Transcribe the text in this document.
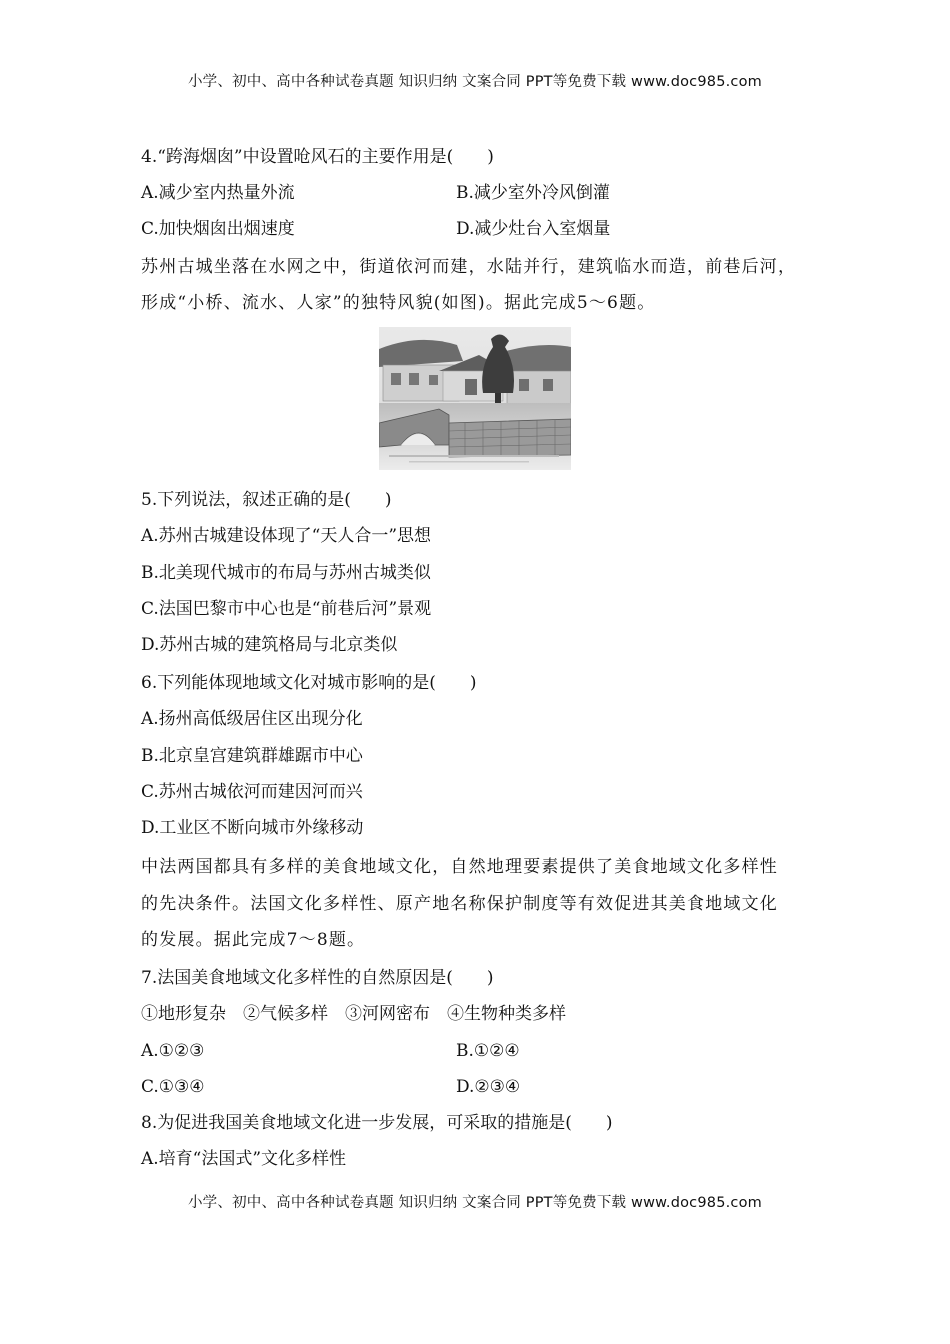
小学、初中、高中各种试卷真题 知识归纳 文案合同 PPT等免费下载 www.doc985.com
4.“跨海烟囱”中设置呛风石的主要作用是(　　)
A.减少室内热量外流	B.减少室外冷风倒灌
C.加快烟囱出烟速度	D.减少灶台入室烟量
苏州古城坐落在水网之中，街道依河而建，水陆并行，建筑临水而造，前巷后河，
形成“小桥、流水、人家”的独特风貌(如图)。据此完成5～6题。
5.下列说法，叙述正确的是(　　)
A.苏州古城建设体现了“天人合一”思想
B.北美现代城市的布局与苏州古城类似
C.法国巴黎市中心也是“前巷后河”景观
D.苏州古城的建筑格局与北京类似
6.下列能体现地域文化对城市影响的是(　　)
A.扬州高低级居住区出现分化
B.北京皇宫建筑群雄踞市中心
C.苏州古城依河而建因河而兴
D.工业区不断向城市外缘移动
中法两国都具有多样的美食地域文化，自然地理要素提供了美食地域文化多样性
的先决条件。法国文化多样性、原产地名称保护制度等有效促进其美食地域文化
的发展。据此完成7～8题。
7.法国美食地域文化多样性的自然原因是(　　)
①地形复杂　②气候多样　③河网密布　④生物种类多样
A.①②③	B.①②④
C.①③④	D.②③④
8.为促进我国美食地域文化进一步发展，可采取的措施是(　　)
A.培育“法国式”文化多样性
小学、初中、高中各种试卷真题 知识归纳 文案合同 PPT等免费下载 www.doc985.com
